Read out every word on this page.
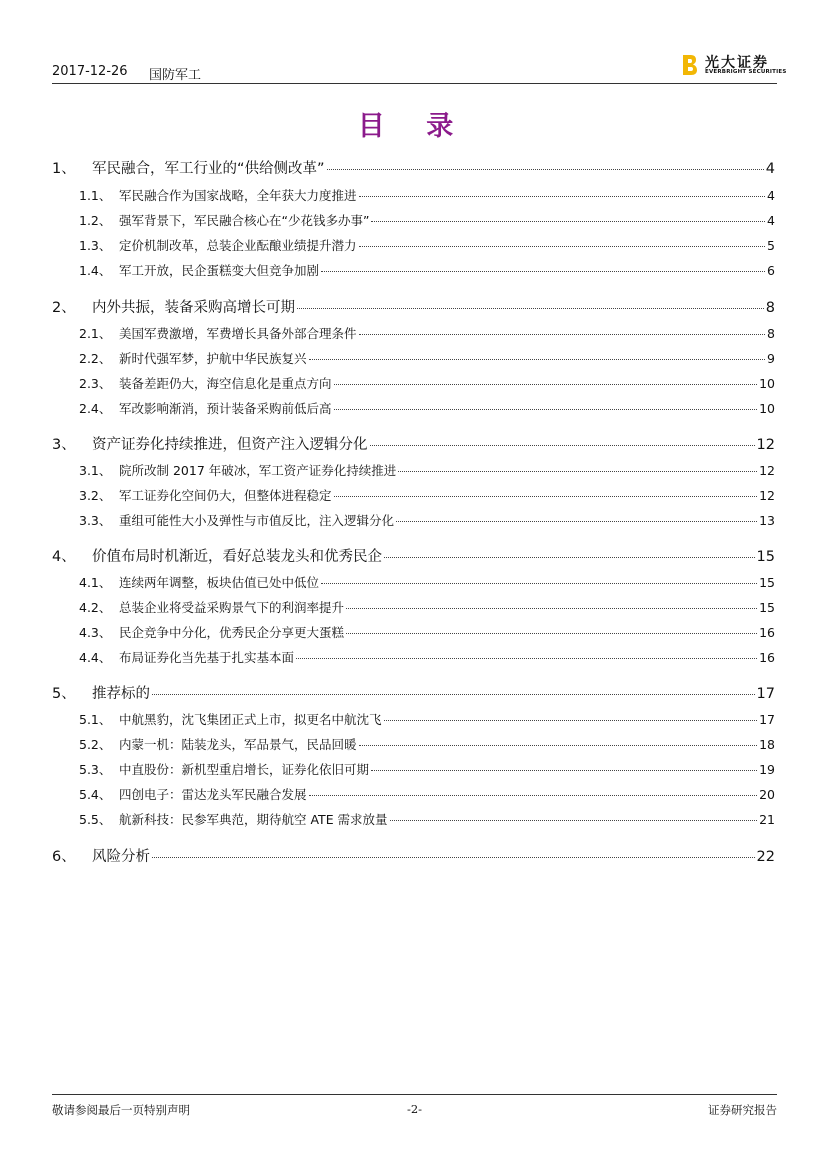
2017-12-26 国防军工
光大证券
EVERBRIGHT SECURITIES
目 录
1、	军民融合，军工行业的“供给侧改革”	4
1.1、 军民融合作为国家战略，全年获大力度推进	4
1.2、 强军背景下，军民融合核心在“少花钱多办事”	4
1.3、 定价机制改革，总装企业酝酿业绩提升潜力	5
1.4、 军工开放，民企蛋糕变大但竞争加剧	6
2、	内外共振，装备采购高增长可期	8
2.1、 美国军费激增，军费增长具备外部合理条件	8
2.2、 新时代强军梦，护航中华民族复兴	9
2.3、 装备差距仍大，海空信息化是重点方向	10
2.4、 军改影响渐消，预计装备采购前低后高	10
3、	资产证券化持续推进，但资产注入逻辑分化	12
3.1、 院所改制 2017 年破冰，军工资产证券化持续推进	12
3.2、 军工证券化空间仍大，但整体进程稳定	12
3.3、 重组可能性大小及弹性与市值反比，注入逻辑分化	13
4、	价值布局时机渐近，看好总装龙头和优秀民企	15
4.1、 连续两年调整，板块估值已处中低位	15
4.2、 总装企业将受益采购景气下的利润率提升	15
4.3、 民企竞争中分化，优秀民企分享更大蛋糕	16
4.4、 布局证券化当先基于扎实基本面	16
5、	推荐标的	17
5.1、 中航黑豹，沈飞集团正式上市，拟更名中航沈飞	17
5.2、 内蒙一机：陆装龙头，军品景气，民品回暖	18
5.3、 中直股份：新机型重启增长，证券化依旧可期	19
5.4、 四创电子：雷达龙头军民融合发展	20
5.5、 航新科技：民参军典范，期待航空 ATE 需求放量	21
6、	风险分析	22
敬请参阅最后一页特别声明	-2-	证券研究报告
